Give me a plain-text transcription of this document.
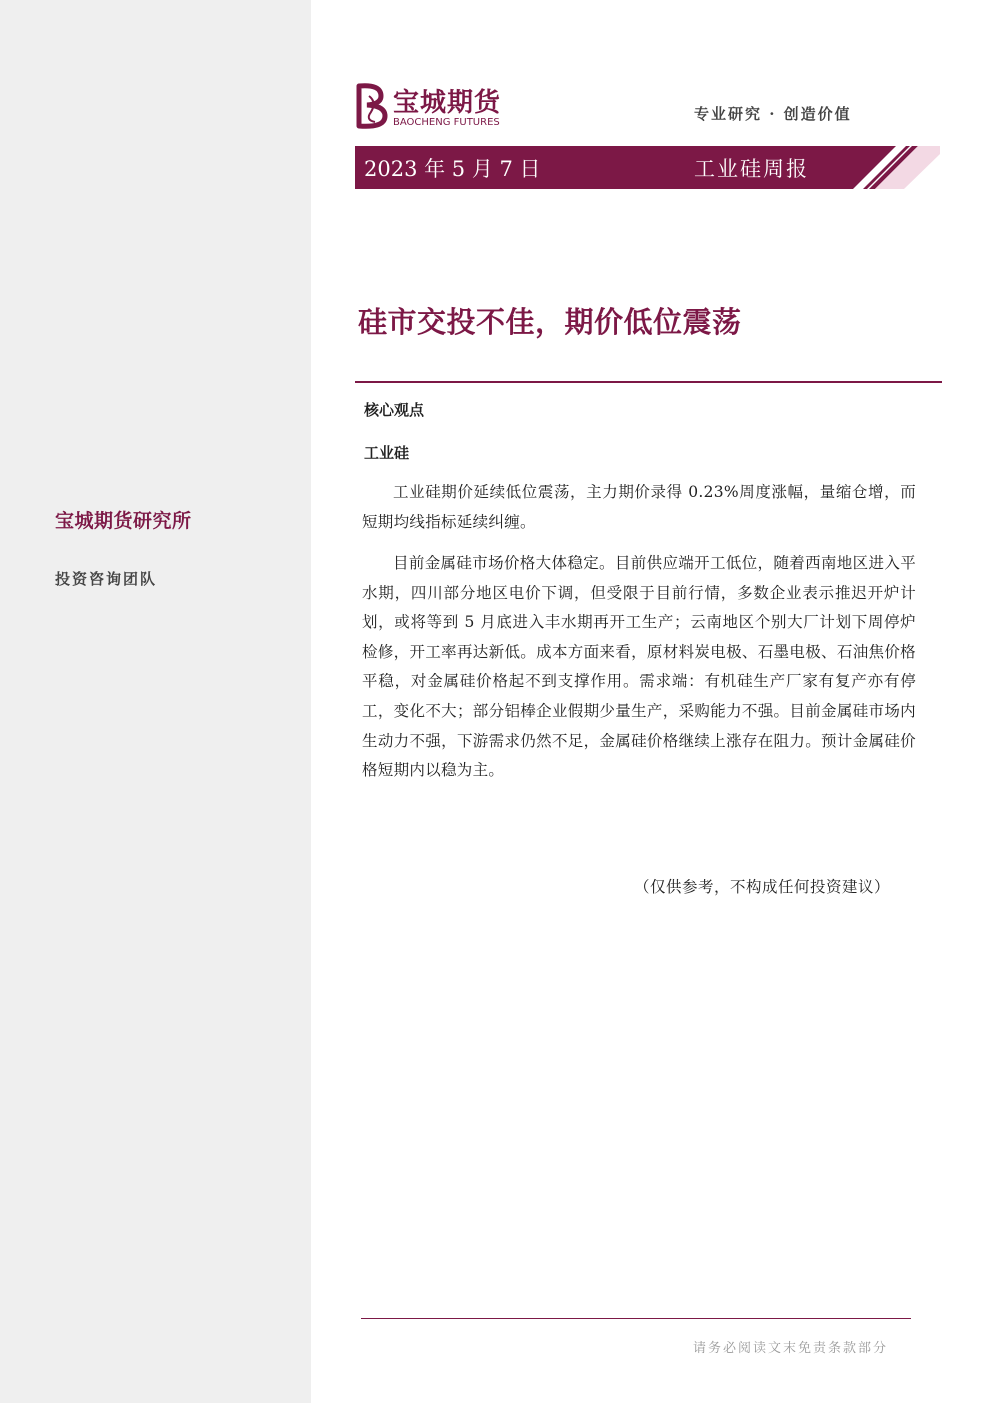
宝城期货研究所
投资咨询团队
宝城期货
BAOCHENG FUTURES	专业研究 · 创造价值
2023 年 5 月 7 日	工业硅周报
硅市交投不佳，期价低位震荡
核心观点
工业硅

工业硅期价延续低位震荡，主力期价录得 0.23%周度涨幅，量缩仓增，而短期均线指标延续纠缠。

目前金属硅市场价格大体稳定。目前供应端开工低位，随着西南地区进入平水期，四川部分地区电价下调，但受限于目前行情，多数企业表示推迟开炉计划，或将等到 5 月底进入丰水期再开工生产；云南地区个别大厂计划下周停炉检修，开工率再达新低。成本方面来看，原材料炭电极、石墨电极、石油焦价格平稳，对金属硅价格起不到支撑作用。需求端：有机硅生产厂家有复产亦有停工，变化不大；部分铝棒企业假期少量生产，采购能力不强。目前金属硅市场内生动力不强，下游需求仍然不足，金属硅价格继续上涨存在阻力。预计金属硅价格短期内以稳为主。

（仅供参考，不构成任何投资建议）
请务必阅读文末免责条款部分
